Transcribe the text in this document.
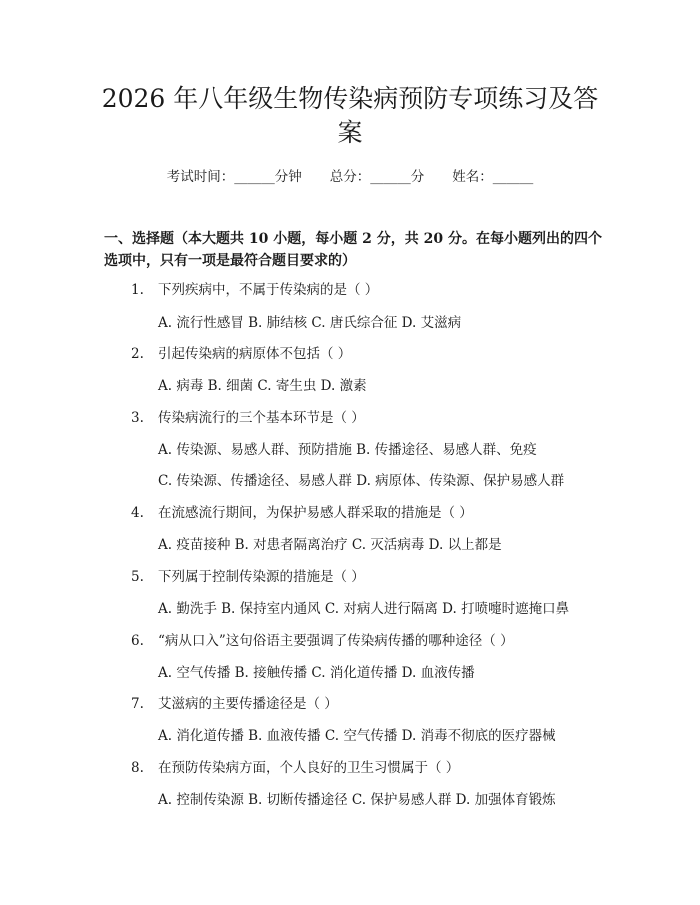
2026 年八年级生物传染病预防专项练习及答案
考试时间：______分钟 总分：______分 姓名：______
一、选择题（本大题共 10 小题，每小题 2 分，共 20 分。在每小题列出的四个选项中，只有一项是最符合题目要求的）
1. 下列疾病中，不属于传染病的是（ ）
A. 流行性感冒 B. 肺结核 C. 唐氏综合征 D. 艾滋病
2. 引起传染病的病原体不包括（ ）
A. 病毒 B. 细菌 C. 寄生虫 D. 激素
3. 传染病流行的三个基本环节是（ ）
A. 传染源、易感人群、预防措施 B. 传播途径、易感人群、免疫
C. 传染源、传播途径、易感人群 D. 病原体、传染源、保护易感人群
4. 在流感流行期间，为保护易感人群采取的措施是（ ）
A. 疫苗接种 B. 对患者隔离治疗 C. 灭活病毒 D. 以上都是
5. 下列属于控制传染源的措施是（ ）
A. 勤洗手 B. 保持室内通风 C. 对病人进行隔离 D. 打喷嚏时遮掩口鼻
6. “病从口入”这句俗语主要强调了传染病传播的哪种途径（ ）
A. 空气传播 B. 接触传播 C. 消化道传播 D. 血液传播
7. 艾滋病的主要传播途径是（ ）
A. 消化道传播 B. 血液传播 C. 空气传播 D. 消毒不彻底的医疗器械
8. 在预防传染病方面，个人良好的卫生习惯属于（ ）
A. 控制传染源 B. 切断传播途径 C. 保护易感人群 D. 加强体育锻炼
